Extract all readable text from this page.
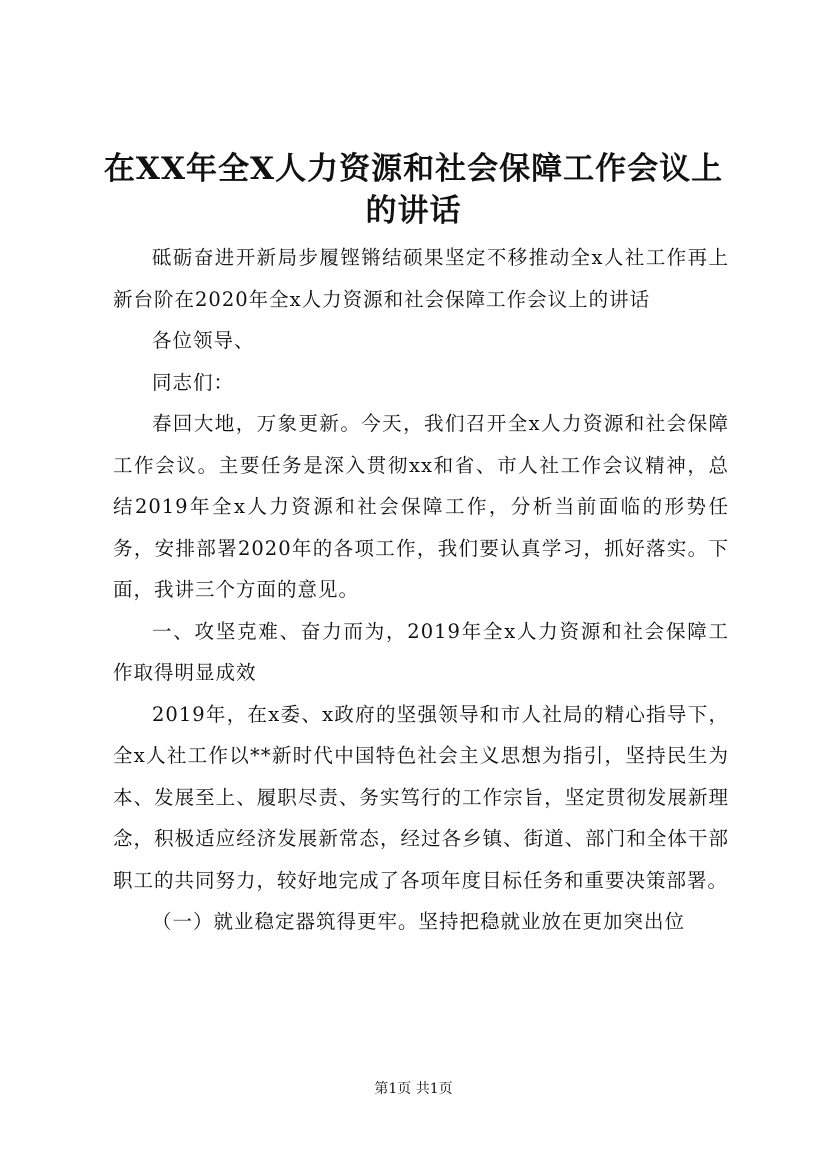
在XX年全X人力资源和社会保障工作会议上的讲话

砥砺奋进开新局步履铿锵结硕果坚定不移推动全x人社工作再上新台阶在2020年全x人力资源和社会保障工作会议上的讲话

各位领导、

同志们：

春回大地，万象更新。今天，我们召开全x人力资源和社会保障工作会议。主要任务是深入贯彻xx和省、市人社工作会议精神，总结2019年全x人力资源和社会保障工作，分析当前面临的形势任务，安排部署2020年的各项工作，我们要认真学习，抓好落实。下面，我讲三个方面的意见。

一、攻坚克难、奋力而为，2019年全x人力资源和社会保障工作取得明显成效

2019年，在x委、x政府的坚强领导和市人社局的精心指导下，全x人社工作以**新时代中国特色社会主义思想为指引，坚持民生为本、发展至上、履职尽责、务实笃行的工作宗旨，坚定贯彻发展新理念，积极适应经济发展新常态，经过各乡镇、街道、部门和全体干部职工的共同努力，较好地完成了各项年度目标任务和重要决策部署。

（一）就业稳定器筑得更牢。坚持把稳就业放在更加突出位

第1页 共1页
